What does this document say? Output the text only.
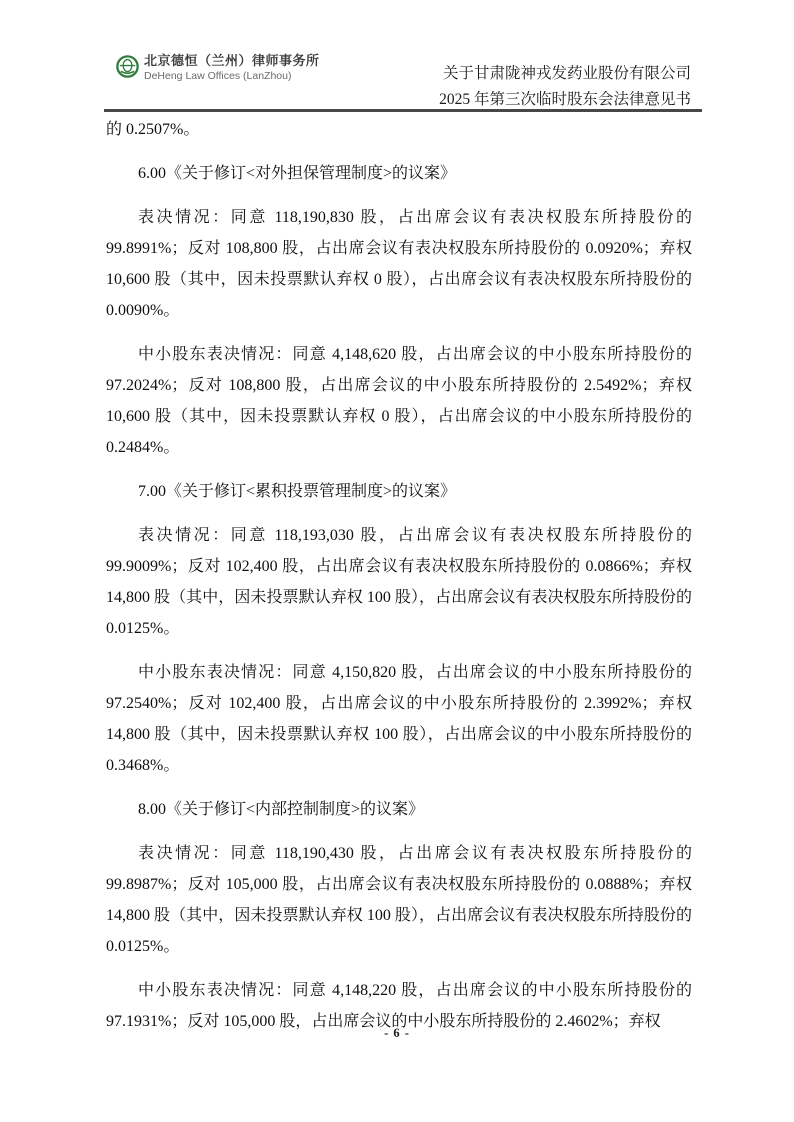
北京德恒（兰州）律师事务所
DeHeng Law Offices (LanZhou)	关于甘肃陇神戎发药业股份有限公司
2025 年第三次临时股东会法律意见书
的 0.2507%。
6.00《关于修订<对外担保管理制度>的议案》
表决情况：同意 118,190,830 股，占出席会议有表决权股东所持股份的 99.8991%；反对 108,800 股，占出席会议有表决权股东所持股份的 0.0920%；弃权 10,600 股（其中，因未投票默认弃权 0 股），占出席会议有表决权股东所持股份的 0.0090%。
中小股东表决情况：同意 4,148,620 股，占出席会议的中小股东所持股份的 97.2024%；反对 108,800 股，占出席会议的中小股东所持股份的 2.5492%；弃权 10,600 股（其中，因未投票默认弃权 0 股），占出席会议的中小股东所持股份的 0.2484%。
7.00《关于修订<累积投票管理制度>的议案》
表决情况：同意 118,193,030 股，占出席会议有表决权股东所持股份的 99.9009%；反对 102,400 股，占出席会议有表决权股东所持股份的 0.0866%；弃权 14,800 股（其中，因未投票默认弃权 100 股），占出席会议有表决权股东所持股份的 0.0125%。
中小股东表决情况：同意 4,150,820 股，占出席会议的中小股东所持股份的 97.2540%；反对 102,400 股，占出席会议的中小股东所持股份的 2.3992%；弃权 14,800 股（其中，因未投票默认弃权 100 股），占出席会议的中小股东所持股份的 0.3468%。
8.00《关于修订<内部控制制度>的议案》
表决情况：同意 118,190,430 股，占出席会议有表决权股东所持股份的 99.8987%；反对 105,000 股，占出席会议有表决权股东所持股份的 0.0888%；弃权 14,800 股（其中，因未投票默认弃权 100 股），占出席会议有表决权股东所持股份的 0.0125%。
中小股东表决情况：同意 4,148,220 股，占出席会议的中小股东所持股份的 97.1931%；反对 105,000 股，占出席会议的中小股东所持股份的 2.4602%；弃权
- 6 -
